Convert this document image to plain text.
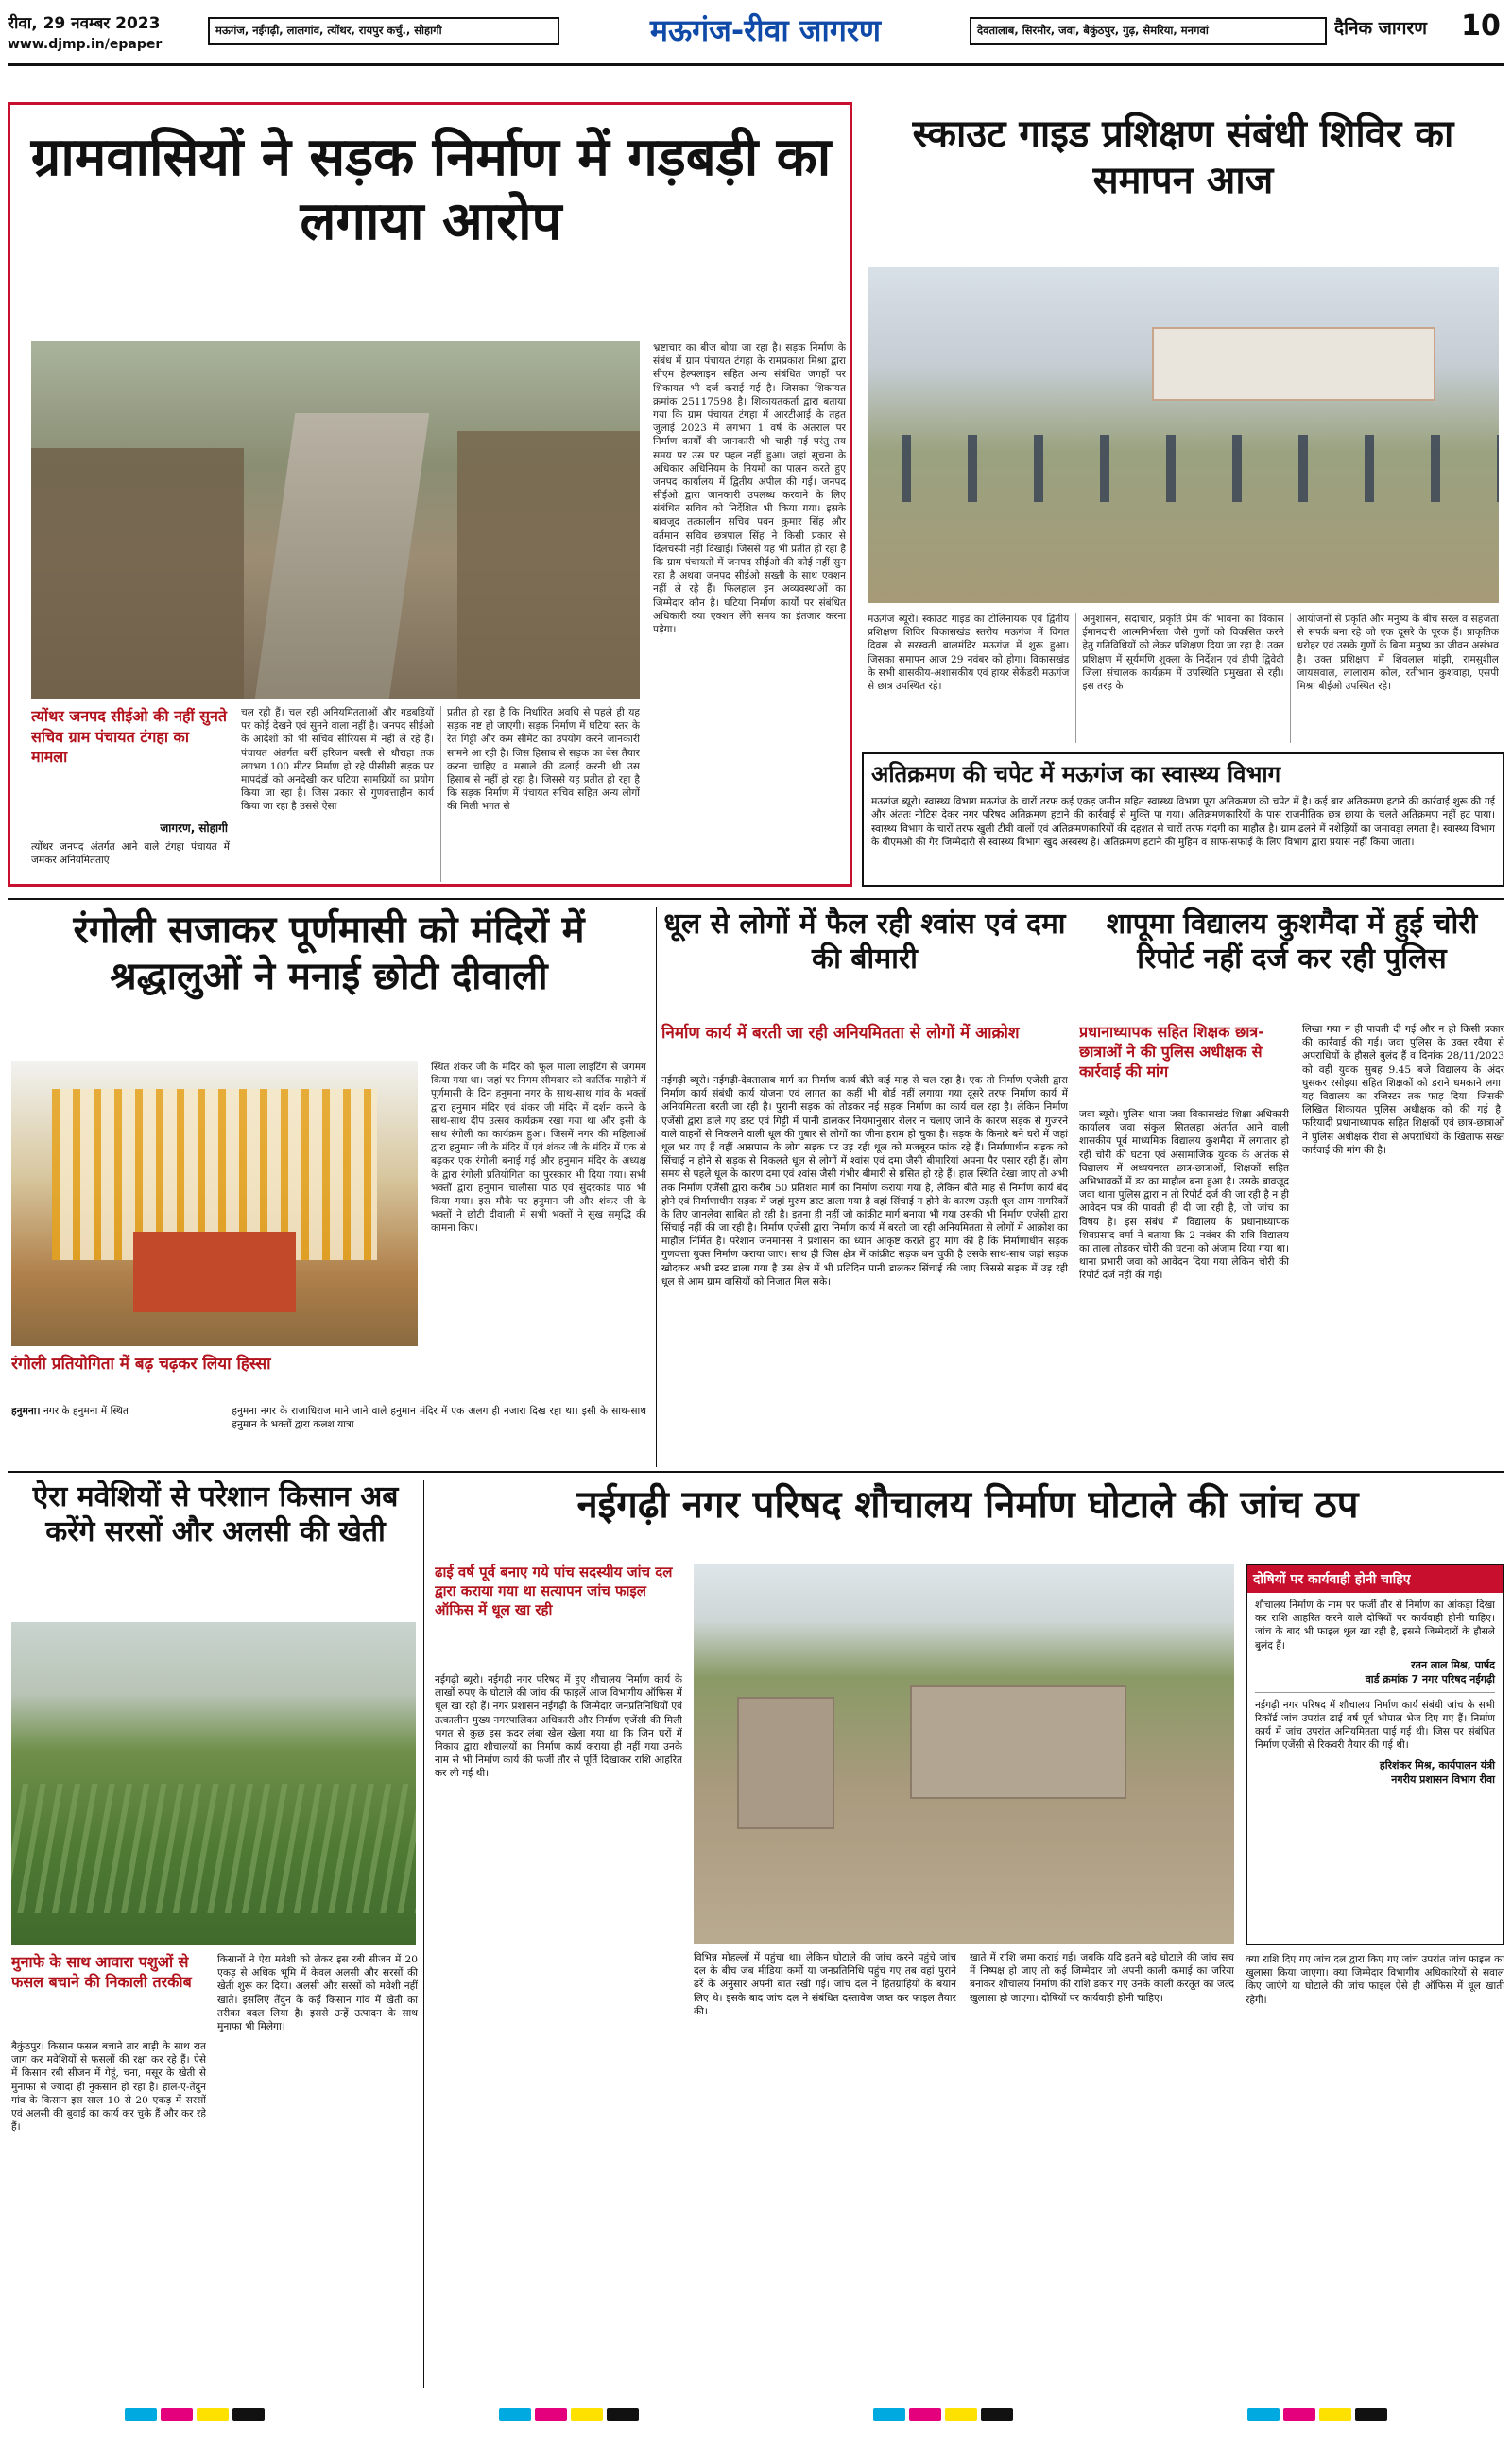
रीवा, 29 नवम्बर 2023
www.djmp.in/epaper
मऊगंज, नईगढ़ी, लालगांव, त्योंथर, रायपुर कर्चु., सोहागी	मऊगंज-रीवा जागरण	देवतालाब, सिरमौर, जवा, बैकुंठपुर, गुढ़, सेमरिया, मनगवां	दैनिक जागरण	10
ग्रामवासियों ने सड़क निर्माण में गड़बड़ी का लगाया आरोप
त्योंथर जनपद सीईओ की नहीं सुनते सचिव ग्राम पंचायत टंगहा का मामला
जागरण, सोहागी
त्योंथर जनपद अंतर्गत आने वाले टंगहा पंचायत में जमकर अनियमितताएं

चल रही हैं। चल रही अनियमितताओं और गड़बड़ियों पर कोई देखने एवं सुनने वाला नहीं है। जनपद सीईओ के आदेशों को भी सचिव सीरियस में नहीं ले रहे हैं। पंचायत अंतर्गत बर्री हरिजन बस्ती से धौराहा तक लगभग 100 मीटर निर्माण हो रहे पीसीसी सड़क पर मापदंडों को अनदेखी कर घटिया सामग्रियों का प्रयोग किया जा रहा है। जिस प्रकार से गुणवत्ताहीन कार्य किया जा रहा है उससे ऐसा

प्रतीत हो रहा है कि निर्धारित अवधि से पहले ही यह सड़क नष्ट हो जाएगी। सड़क निर्माण में घटिया स्तर के रेत गिट्टी और कम सीमेंट का उपयोग करने जानकारी सामने आ रही है। जिस हिसाब से सड़क का बेस तैयार करना चाहिए व मसाले की ढलाई करनी थी उस हिसाब से नहीं हो रहा है। जिससे यह प्रतीत हो रहा है कि सड़क निर्माण में पंचायत सचिव सहित अन्य लोगों की मिली भगत से

भ्रष्टाचार का बीज बोया जा रहा है। सड़क निर्माण के संबंध में ग्राम पंचायत टंगहा के रामप्रकाश मिश्रा द्वारा सीएम हेल्पलाइन सहित अन्य संबंधित जगहों पर शिकायत भी दर्ज कराई गई है। जिसका शिकायत क्रमांक 25117598 है। शिकायतकर्ता द्वारा बताया गया कि ग्राम पंचायत टंगहा में आरटीआई के तहत जुलाई 2023 में लगभग 1 वर्ष के अंतराल पर निर्माण कार्यों की जानकारी भी चाही गई परंतु तय समय पर उस पर पहल नहीं हुआ। जहां सूचना के अधिकार अधिनियम के नियमों का पालन करते हुए जनपद कार्यालय में द्वितीय अपील की गई। जनपद सीईओ द्वारा जानकारी उपलब्ध करवाने के लिए संबंधित सचिव को निर्देशित भी किया गया। इसके बावजूद तत्कालीन सचिव पवन कुमार सिंह और वर्तमान सचिव छत्रपाल सिंह ने किसी प्रकार से दिलचस्पी नहीं दिखाई। जिससे यह भी प्रतीत हो रहा है कि ग्राम पंचायतों में जनपद सीईओ की कोई नहीं सुन रहा है अथवा जनपद सीईओ सख्ती के साथ एक्शन नहीं ले रहे हैं। फिलहाल इन अव्यवस्थाओं का जिम्मेदार कौन है। घटिया निर्माण कार्यों पर संबंधित अधिकारी क्या एक्शन लेंगे समय का इंतजार करना पड़ेगा।

स्काउट गाइड प्रशिक्षण संबंधी शिविर का समापन आज

मऊगंज ब्यूरो। स्काउट गाइड का टोलिनायक एवं द्वितीय प्रशिक्षण शिविर विकासखंड स्तरीय मऊगंज में विगत दिवस से सरस्वती बालमंदिर मऊगंज में शुरू हुआ। जिसका समापन आज 29 नवंबर को होगा। विकासखंड के सभी शासकीय-अशासकीय एवं हायर सेकेंडरी मऊगंज से छात्र उपस्थित रहे।

अनुशासन, सदाचार, प्रकृति प्रेम की भावना का विकास ईमानदारी आत्मनिर्भरता जैसे गुणों को विकसित करने हेतु गतिविधियों को लेकर प्रशिक्षण दिया जा रहा है। उक्त प्रशिक्षण में सूर्यमणि शुक्ला के निर्देशन एवं डीपी द्विवेदी जिला संचालक कार्यक्रम में उपस्थिति प्रमुखता से रही। इस तरह के

आयोजनों से प्रकृति और मनुष्य के बीच सरल व सहजता से संपर्क बना रहे जो एक दूसरे के पूरक हैं। प्राकृतिक धरोहर एवं उसके गुणों के बिना मनुष्य का जीवन असंभव है। उक्त प्रशिक्षण में शिवलाल मांझी, रामसुशील जायसवाल, लालाराम कोल, रतीभान कुशवाहा, एसपी मिश्रा बीईओ उपस्थित रहे।

अतिक्रमण की चपेट में मऊगंज का स्वास्थ्य विभाग
मऊगंज ब्यूरो। स्वास्थ्य विभाग मऊगंज के चारों तरफ कई एकड़ जमीन सहित स्वास्थ्य विभाग पूरा अतिक्रमण की चपेट में है। कई बार अतिक्रमण हटाने की कार्रवाई शुरू की गई और अंततः नोटिस देकर नगर परिषद अतिक्रमण हटाने की कार्रवाई से मुक्ति पा गया। अतिक्रमणकारियों के पास राजनीतिक छत्र छाया के चलते अतिक्रमण नहीं हट पाया। स्वास्थ्य विभाग के चारों तरफ खुली टीवी वालों एवं अतिक्रमणकारियों की दहशत से चारों तरफ गंदगी का माहौल है। ग्राम ढलने में नशेड़ियों का जमावड़ा लगता है। स्वास्थ्य विभाग के बीएमओ की गैर जिम्मेदारी से स्वास्थ्य विभाग खुद अस्वस्थ है। अतिक्रमण हटाने की मुहिम व साफ-सफाई के लिए विभाग द्वारा प्रयास नहीं किया जाता।
रंगोली सजाकर पूर्णमासी को मंदिरों में श्रद्धालुओं ने मनाई छोटी दीवाली
रंगोली प्रतियोगिता में बढ़ चढ़कर लिया हिस्सा

स्थित शंकर जी के मंदिर को फूल माला लाइटिंग से जगमग किया गया था। जहां पर निगम सीमवार को कार्तिक माहीने में पूर्णमासी के दिन हनुमना नगर के साथ-साथ गांव के भक्तों द्वारा हनुमान मंदिर एवं शंकर जी मंदिर में दर्शन करने के साथ-साथ दीप उत्सव कार्यक्रम रखा गया था और इसी के साथ रंगोली का कार्यक्रम हुआ। जिसमें नगर की महिलाओं द्वारा हनुमान जी के मंदिर में एवं शंकर जी के मंदिर में एक से बढ़कर एक रंगोली बनाई गई और हनुमान मंदिर के अध्यक्ष के द्वारा रंगोली प्रतियोगिता का पुरस्कार भी दिया गया। सभी भक्तों द्वारा हनुमान चालीसा पाठ एवं सुंदरकांड पाठ भी किया गया। इस मौके पर हनुमान जी और शंकर जी के भक्तों ने छोटी दीवाली में सभी भक्तों ने सुख समृद्धि की कामना किए।

हनुमना। नगर के हनुमना में स्थित	हनुमना नगर के राजाधिराज माने जाने वाले हनुमान मंदिर में एक अलग ही नजारा दिख रहा था। इसी के साथ-साथ हनुमान के भक्तों द्वारा कलश यात्रा
धूल से लोगों में फैल रही श्वांस एवं दमा की बीमारी
निर्माण कार्य में बरती जा रही अनियमितता से लोगों में आक्रोश
नईगढ़ी ब्यूरो। नईगढ़ी-देवतालाब मार्ग का निर्माण कार्य बीते कई माह से चल रहा है। एक तो निर्माण एजेंसी द्वारा निर्माण कार्य संबंधी कार्य योजना एवं लागत का कहीं भी बोर्ड नहीं लगाया गया दूसरे तरफ निर्माण कार्य में अनियमितता बरती जा रही है। पुरानी सड़क को तोड़कर नई सड़क निर्माण का कार्य चल रहा है। लेकिन निर्माण एजेंसी द्वारा डाले गए डस्ट एवं गिट्टी में पानी डालकर नियमानुसार रोलर न चलाए जाने के कारण सड़क से गुजरने वाले वाहनों से निकलने वाली धूल की गुबार से लोगों का जीना हराम हो चुका है। सड़क के किनारे बने घरों में जहां धूल भर गए हैं वहीं आसपास के लोग सड़क पर उड़ रही धूल को मजबूरन फांक रहे हैं। निर्माणाधीन सड़क को सिंचाई न होने से सड़क से निकलते धूल से लोगों में श्वांस एवं दमा जैसी बीमारियां अपना पैर पसार रही हैं। लोग समय से पहले धूल के कारण दमा एवं श्वांस जैसी गंभीर बीमारी से ग्रसित हो रहे हैं। हाल स्थिति देखा जाए तो अभी तक निर्माण एजेंसी द्वारा करीब 50 प्रतिशत मार्ग का निर्माण कराया गया है, लेकिन बीते माह से निर्माण कार्य बंद होने एवं निर्माणाधीन सड़क में जहां मुरुम डस्ट डाला गया है वहां सिंचाई न होने के कारण उड़ती धूल आम नागरिकों के लिए जानलेवा साबित हो रही है। इतना ही नहीं जो कांक्रीट मार्ग बनाया भी गया उसकी भी निर्माण एजेंसी द्वारा सिंचाई नहीं की जा रही है। निर्माण एजेंसी द्वारा निर्माण कार्य में बरती जा रही अनियमितता से लोगों में आक्रोश का माहौल निर्मित है। परेशान जनमानस ने प्रशासन का ध्यान आकृष्ट कराते हुए मांग की है कि निर्माणाधीन सड़क गुणवत्ता युक्त निर्माण कराया जाए। साथ ही जिस क्षेत्र में कांक्रीट सड़क बन चुकी है उसके साथ-साथ जहां सड़क खोदकर अभी डस्ट डाला गया है उस क्षेत्र में भी प्रतिदिन पानी डालकर सिंचाई की जाए जिससे सड़क में उड़ रही धूल से आम ग्राम वासियों को निजात मिल सके।
शापूमा विद्यालय कुशमैदा में हुई चोरी रिपोर्ट नहीं दर्ज कर रही पुलिस
प्रधानाध्यापक सहित शिक्षक छात्र-छात्राओं ने की पुलिस अधीक्षक से कार्रवाई की मांग
जवा ब्यूरो। पुलिस थाना जवा विकासखंड शिक्षा अधिकारी कार्यालय जवा संकुल सितलहा अंतर्गत आने वाली शासकीय पूर्व माध्यमिक विद्यालय कुशमैदा में लगातार हो रही चोरी की घटना एवं असामाजिक युवक के आतंक से विद्यालय में अध्ययनरत छात्र-छात्राओं, शिक्षकों सहित अभिभावकों में डर का माहौल बना हुआ है। उसके बावजूद जवा थाना पुलिस द्वारा न तो रिपोर्ट दर्ज की जा रही है न ही आवेदन पत्र की पावती ही दी जा रही है, जो जांच का विषय है। इस संबंध में विद्यालय के प्रधानाध्यापक शिवप्रसाद वर्मा ने बताया कि 2 नवंबर की रात्रि विद्यालय का ताला तोड़कर चोरी की घटना को अंजाम दिया गया था। थाना प्रभारी जवा को आवेदन दिया गया लेकिन चोरी की रिपोर्ट दर्ज नहीं की गई।
लिखा गया न ही पावती दी गई और न ही किसी प्रकार की कार्रवाई की गई। जवा पुलिस के उक्त रवैया से अपराधियों के हौसले बुलंद हैं व दिनांक 28/11/2023 को वही युवक सुबह 9.45 बजे विद्यालय के अंदर घुसकर रसोइया सहित शिक्षकों को डराने धमकाने लगा। यह विद्यालय का रजिस्टर तक फाड़ दिया। जिसकी लिखित शिकायत पुलिस अधीक्षक को की गई है। फरियादी प्रधानाध्यापक सहित शिक्षकों एवं छात्र-छात्राओं ने पुलिस अधीक्षक रीवा से अपराधियों के खिलाफ सख्त कार्रवाई की मांग की है।
ऐरा मवेशियों से परेशान किसान अब करेंगे सरसों और अलसी की खेती
मुनाफे के साथ आवारा पशुओं से फसल बचाने की निकाली तरकीब
बैकुंठपुर। किसान फसल बचाने तार बाड़ी के साथ रात जाग कर मवेशियों से फसलों की रक्षा कर रहे हैं। ऐसे में किसान रबी सीजन में गेहूं, चना, मसूर के खेती से मुनाफा से ज्यादा ही नुकसान हो रहा है। हाल-ए-तेंदुन गांव के किसान इस साल 10 से 20 एकड़ में सरसों एवं अलसी की बुवाई का कार्य कर चुके हैं और कर रहे हैं।
किसानों ने ऐरा मवेशी को लेकर इस रबी सीजन में 20 एकड़ से अधिक भूमि में केवल अलसी और सरसों की खेती शुरू कर दिया। अलसी और सरसों को मवेशी नहीं खाते। इसलिए तेंदुन के कई किसान गांव में खेती का तरीका बदल लिया है। इससे उन्हें उत्पादन के साथ मुनाफा भी मिलेगा।
नईगढ़ी नगर परिषद शौचालय निर्माण घोटाले की जांच ठप
ढाई वर्ष पूर्व बनाए गये पांच सदस्यीय जांच दल द्वारा कराया गया था सत्यापन जांच फाइल ऑफिस में धूल खा रही
नईगढ़ी ब्यूरो। नईगढ़ी नगर परिषद में हुए शौचालय निर्माण कार्य के लाखों रुपए के घोटाले की जांच की फाइलें आज विभागीय ऑफिस में धूल खा रही हैं। नगर प्रशासन नईगढ़ी के जिम्मेदार जनप्रतिनिधियों एवं तत्कालीन मुख्य नगरपालिका अधिकारी और निर्माण एजेंसी की मिली भगत से कुछ इस कदर लंबा खेल खेला गया था कि जिन घरों में निकाय द्वारा शौचालयों का निर्माण कार्य कराया ही नहीं गया उनके नाम से भी निर्माण कार्य की फर्जी तौर से पूर्ति दिखाकर राशि आहरित कर ली गई थी।
विभिन्न मोहल्लों में पहुंचा था। लेकिन घोटाले की जांच करने पहुंचे जांच दल के बीच जब मीडिया कर्मी या जनप्रतिनिधि पहुंच गए तब वहां पुराने ढर्रे के अनुसार अपनी बात रखी गई। जांच दल ने हितग्राहियों के बयान लिए थे। इसके बाद जांच दल ने संबंधित दस्तावेज जब्त कर फाइल तैयार की।
खाते में राशि जमा कराई गई। जबकि यदि इतने बड़े घोटाले की जांच सच में निष्पक्ष हो जाए तो कई जिम्मेदार जो अपनी काली कमाई का जरिया बनाकर शौचालय निर्माण की राशि डकार गए उनके काली करतूत का जल्द खुलासा हो जाएगा। दोषियों पर कार्यवाही होनी चाहिए।
दोषियों पर कार्यवाही होनी चाहिए
शौचालय निर्माण के नाम पर फर्जी तौर से निर्माण का आंकड़ा दिखा कर राशि आहरित करने वाले दोषियों पर कार्यवाही होनी चाहिए। जांच के बाद भी फाइल धूल खा रही है, इससे जिम्मेदारों के हौसले बुलंद हैं।
रतन लाल मिश्र, पार्षद
वार्ड क्रमांक 7 नगर परिषद नईगढ़ी
नईगढ़ी नगर परिषद में शौचालय निर्माण कार्य संबंधी जांच के सभी रिकॉर्ड जांच उपरांत ढाई वर्ष पूर्व भोपाल भेज दिए गए हैं। निर्माण कार्य में जांच उपरांत अनियमितता पाई गई थी। जिस पर संबंधित निर्माण एजेंसी से रिकवरी तैयार की गई थी।
हरिशंकर मिश्र, कार्यपालन यंत्री
नगरीय प्रशासन विभाग रीवा
क्या राशि दिए गए जांच दल द्वारा किए गए जांच उपरांत जांच फाइल का खुलासा किया जाएगा। क्या जिम्मेदार विभागीय अधिकारियों से सवाल किए जाएंगे या घोटाले की जांच फाइल ऐसे ही ऑफिस में धूल खाती रहेगी।
